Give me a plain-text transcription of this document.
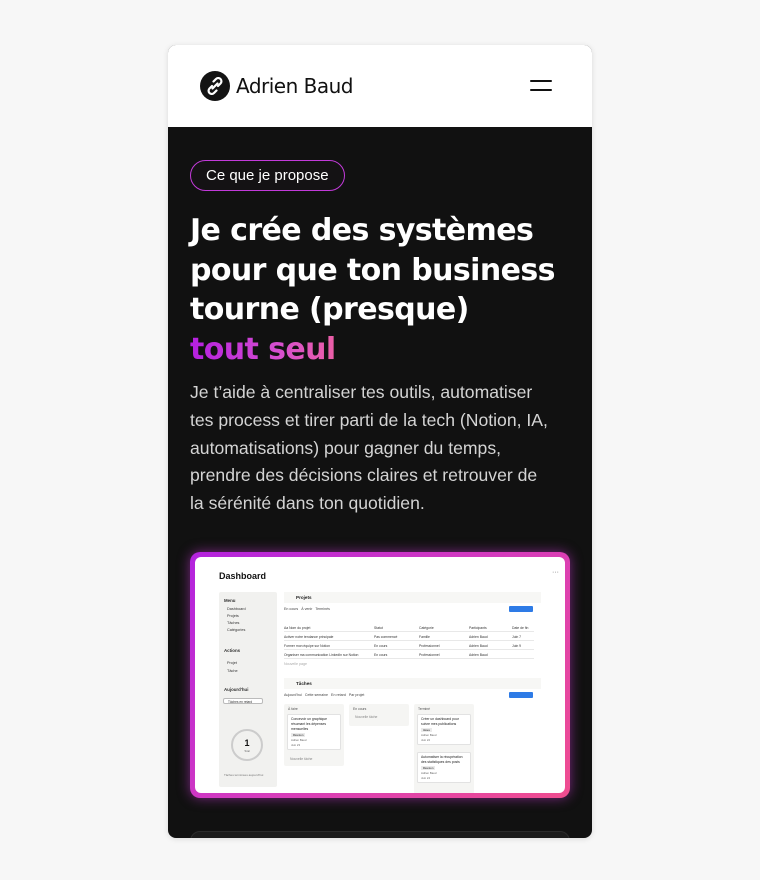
Adrien Baud
Ce que je propose
Je crée des systèmes
pour que ton business
tourne (presque)
tout seul

Je t’aide à centraliser tes outils, automatiser
tes process et tirer parti de la tech (Notion, IA,
automatisations) pour gagner du temps,
prendre des décisions claires et retrouver de
la sérénité dans ton quotidien.

Dashboard	···
Menu
Dashboard
Projets
Tâches
Catégories
Actions
Projet
Tâche
Aujourd'hui
Tâches en retard
1
Total
Tâches terminées aujourd'hui
Projets
En cours À venir Terminés
Aa Nom du projet	Statut	Catégorie	Participants	Date de fin
Activer notre tendance principale	Pas commencé	Famille	Adrien Baud	Juin 7
Former mon équipe sur Notion	En cours	Professionnel	Adrien Baud	Juin 9
Organiser ma communication LinkedIn sur Notion	En cours	Professionnel	Adrien Baud
Nouvelle page
Tâches
Aujourd'hui Cette semaine En retard Par projet
À faire
Concevoir un graphique résumant les dépenses mensuelles
Réunion
Adrien Baud
Juin 23
Nouvelle tâche
En cours
Nouvelle tâche
Terminé
Créer un dashboard pour suivre mes publications
Idées
Adrien Baud
Juin 22
Automatiser la récupération des statistiques des posts
Réunion
Adrien Baud
Juin 24
